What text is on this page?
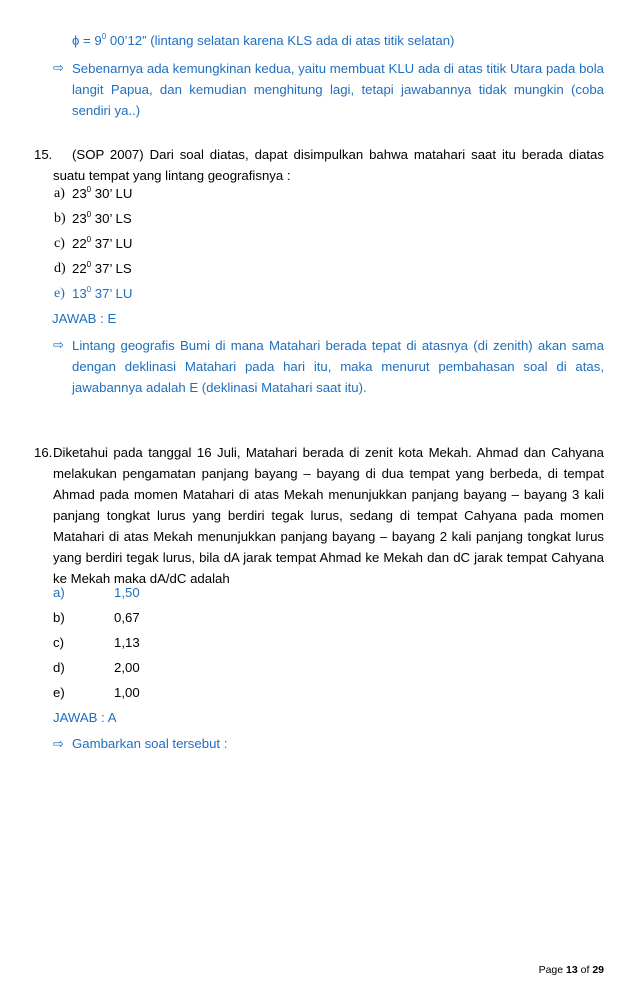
$\phi = 9^0$ 00’12” (lintang selatan karena KLS ada di atas titik selatan)
⇨ Sebenarnya ada kemungkinan kedua, yaitu membuat KLU ada di atas titik Utara pada bola langit Papua, dan kemudian menghitung lagi, tetapi jawabannya tidak mungkin (coba sendiri ya..)
15.	(SOP 2007) Dari soal diatas, dapat disimpulkan bahwa matahari saat itu berada diatas suatu tempat yang lintang geografisnya :
a) $23^0$ 30’ LU
b) $23^0$ 30’ LS
c) $22^0$ 37’ LU
d) $22^0$ 37’ LS
e) $13^0$ 37’ LU
JAWAB : E
⇨ Lintang geografis Bumi di mana Matahari berada tepat di atasnya (di zenith) akan sama dengan deklinasi Matahari pada hari itu, maka menurut pembahasan soal di atas, jawabannya adalah E (deklinasi Matahari saat itu).
16. Diketahui pada tanggal 16 Juli, Matahari berada di zenit kota Mekah. Ahmad dan Cahyana melakukan pengamatan panjang bayang – bayang di dua tempat yang berbeda, di tempat Ahmad pada momen Matahari di atas Mekah menunjukkan panjang bayang – bayang 3 kali panjang tongkat lurus yang berdiri tegak lurus, sedang di tempat Cahyana pada momen Matahari di atas Mekah menunjukkan panjang bayang – bayang 2 kali panjang tongkat lurus yang berdiri tegak lurus, bila dA jarak tempat Ahmad ke Mekah dan dC jarak tempat Cahyana ke Mekah maka dA/dC adalah
a)	1,50
b)	0,67
c)	1,13
d)	2,00
e)	1,00
JAWAB : A
⇨ Gambarkan soal tersebut :
Page 13 of 29
